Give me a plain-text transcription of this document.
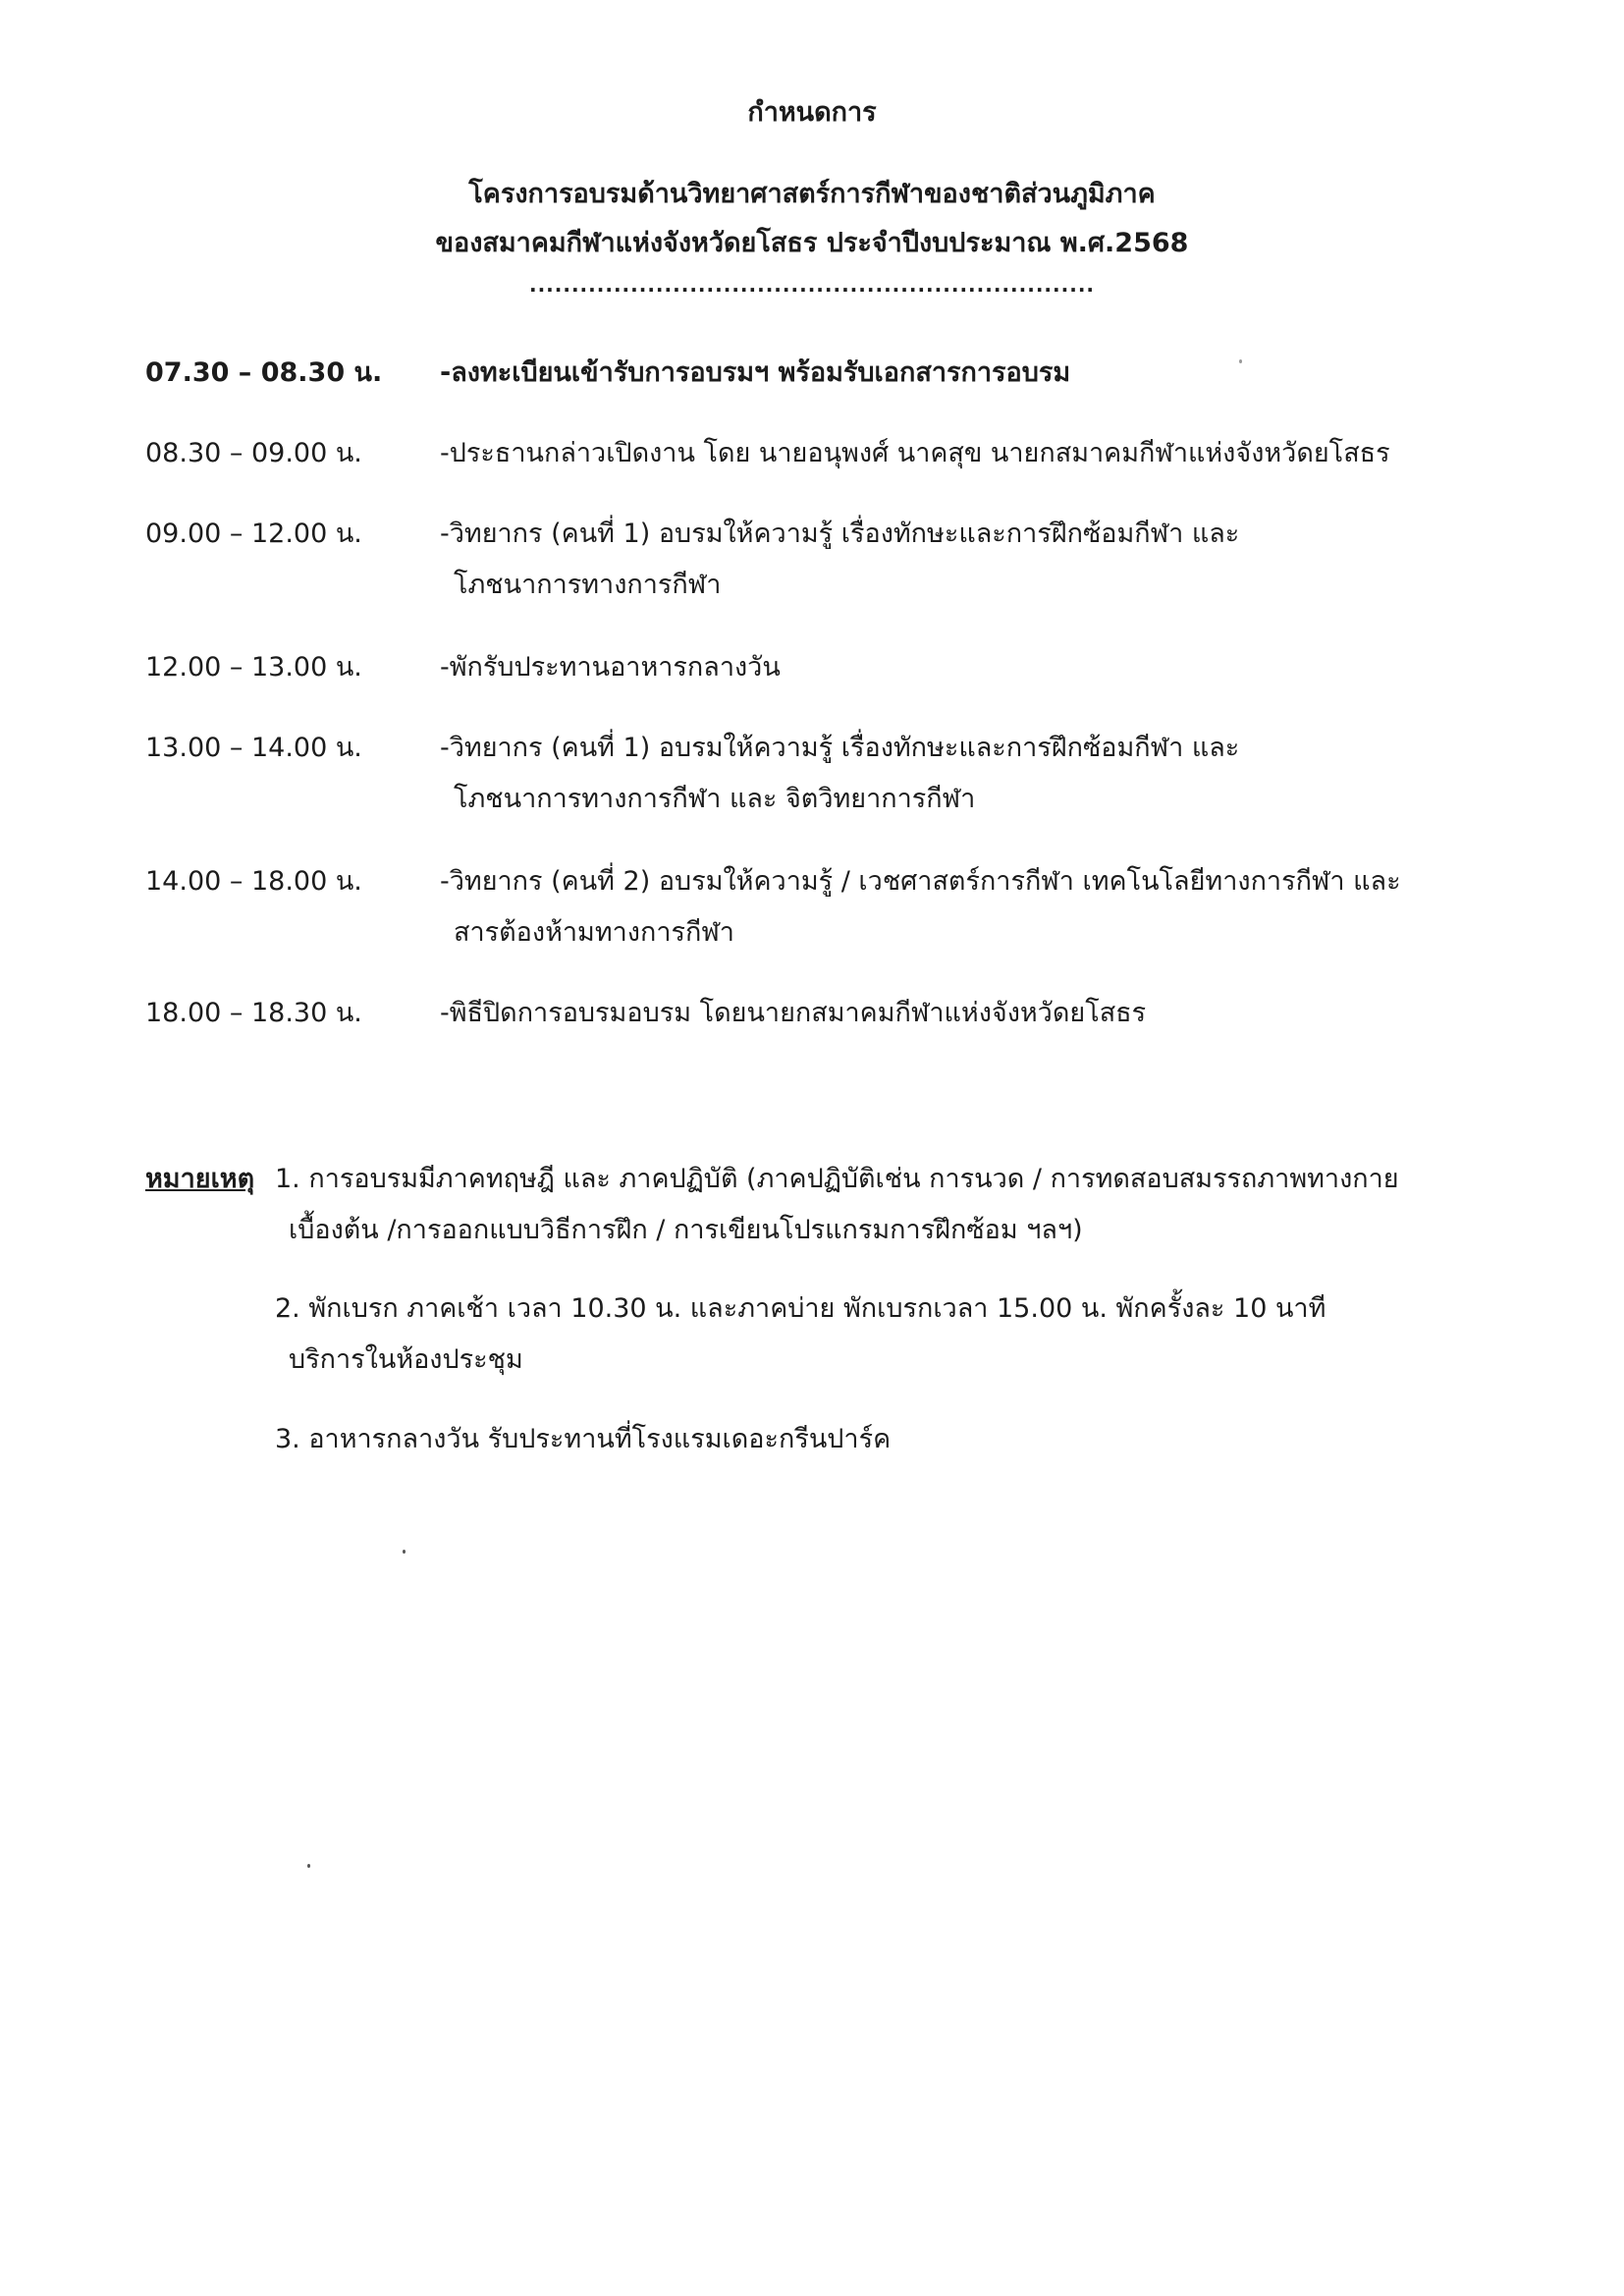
กำหนดการ
โครงการอบรมด้านวิทยาศาสตร์การกีฬาของชาติส่วนภูมิภาค
ของสมาคมกีฬาแห่งจังหวัดยโสธร ประจำปีงบประมาณ พ.ศ.2568
...................................................................
07.30 – 08.30 น.	-ลงทะเบียนเข้ารับการอบรมฯ พร้อมรับเอกสารการอบรม
08.30 – 09.00 น.	-ประธานกล่าวเปิดงาน โดย นายอนุพงศ์ นาคสุข นายกสมาคมกีฬาแห่งจังหวัดยโสธร
09.00 – 12.00 น.	-วิทยากร (คนที่ 1) อบรมให้ความรู้ เรื่องทักษะและการฝึกซ้อมกีฬา และ
โภชนาการทางการกีฬา
12.00 – 13.00 น.	-พักรับประทานอาหารกลางวัน
13.00 – 14.00 น.	-วิทยากร (คนที่ 1) อบรมให้ความรู้ เรื่องทักษะและการฝึกซ้อมกีฬา และ
โภชนาการทางการกีฬา และ จิตวิทยาการกีฬา
14.00 – 18.00 น.	-วิทยากร (คนที่ 2) อบรมให้ความรู้ / เวชศาสตร์การกีฬา เทคโนโลยีทางการกีฬา และ
สารต้องห้ามทางการกีฬา
18.00 – 18.30 น.	-พิธีปิดการอบรมอบรม โดยนายกสมาคมกีฬาแห่งจังหวัดยโสธร
หมายเหตุ 1. การอบรมมีภาคทฤษฎี และ ภาคปฏิบัติ (ภาคปฏิบัติเช่น การนวด / การทดสอบสมรรถภาพทางกาย
เบื้องต้น /การออกแบบวิธีการฝึก / การเขียนโปรแกรมการฝึกซ้อม ฯลฯ)
2. พักเบรก ภาคเช้า เวลา 10.30 น. และภาคบ่าย พักเบรกเวลา 15.00 น. พักครั้งละ 10 นาที
บริการในห้องประชุม
3. อาหารกลางวัน รับประทานที่โรงแรมเดอะกรีนปาร์ค
